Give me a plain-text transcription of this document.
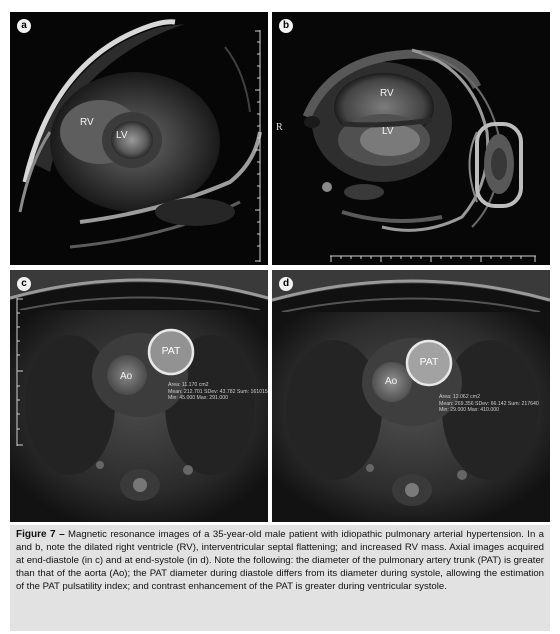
a
RV
LV
b
R
RV
LV
c
PAT
Ao
Area: 11.170 cm2
Mean: 212.701 SDev: 43.782 Sum: 161015
Min: 45.000 Max: 291.000
d
PAT
Ao
Area: 12.062 cm2
Mean: 269.356 SDev: 66.142 Sum: 217640
Min: 29.000 Max: 410.000
Figure 7 – Magnetic resonance images of a 35-year-old male patient with idiopathic pulmonary arterial hypertension. In a and b, note the dilated right ventricle (RV), interventricular septal flattening; and increased RV mass. Axial images acquired at end-diastole (in c) and at end-systole (in d). Note the following: the diameter of the pulmonary artery trunk (PAT) is greater than that of the aorta (Ao); the PAT diameter during diastole differs from its diameter during systole, allowing the estimation of the PAT pulsatility index; and contrast enhancement of the PAT is greater during ventricular systole.
